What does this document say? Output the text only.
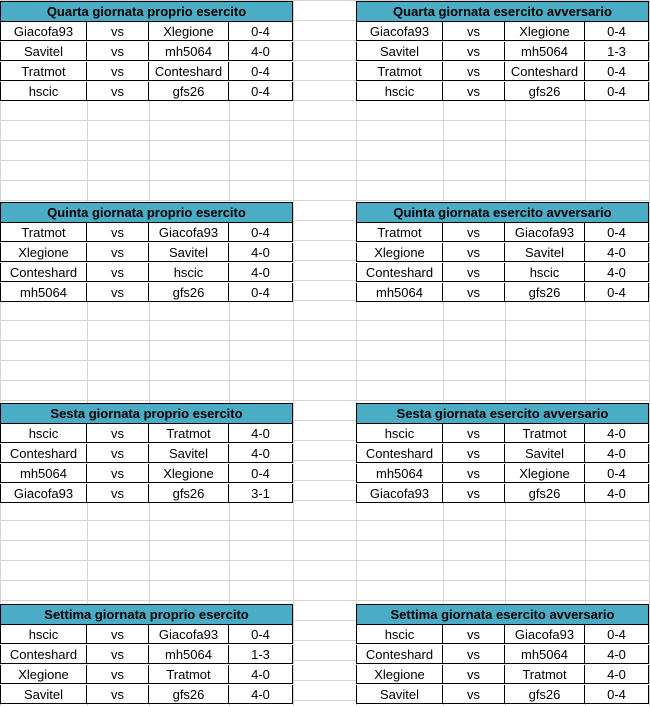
Quarta giornata proprio esercito
Giacofa93	vs	Xlegione	0-4
Savitel	vs	mh5064	4-0
Tratmot	vs	Conteshard	0-4
hscic	vs	gfs26	0-4
Quarta giornata esercito avversario
Giacofa93	vs	Xlegione	0-4
Savitel	vs	mh5064	1-3
Tratmot	vs	Conteshard	0-4
hscic	vs	gfs26	0-4
Quinta giornata proprio esercito
Tratmot	vs	Giacofa93	0-4
Xlegione	vs	Savitel	4-0
Conteshard	vs	hscic	4-0
mh5064	vs	gfs26	0-4
Quinta giornata esercito avversario
Tratmot	vs	Giacofa93	0-4
Xlegione	vs	Savitel	4-0
Conteshard	vs	hscic	4-0
mh5064	vs	gfs26	0-4
Sesta giornata proprio esercito
hscic	vs	Tratmot	4-0
Conteshard	vs	Savitel	4-0
mh5064	vs	Xlegione	0-4
Giacofa93	vs	gfs26	3-1
Sesta giornata esercito avversario
hscic	vs	Tratmot	4-0
Conteshard	vs	Savitel	4-0
mh5064	vs	Xlegione	0-4
Giacofa93	vs	gfs26	4-0
Settima giornata proprio esercito
hscic	vs	Giacofa93	0-4
Conteshard	vs	mh5064	1-3
Xlegione	vs	Tratmot	4-0
Savitel	vs	gfs26	4-0
Settima giornata esercito avversario
hscic	vs	Giacofa93	0-4
Conteshard	vs	mh5064	4-0
Xlegione	vs	Tratmot	4-0
Savitel	vs	gfs26	0-4
